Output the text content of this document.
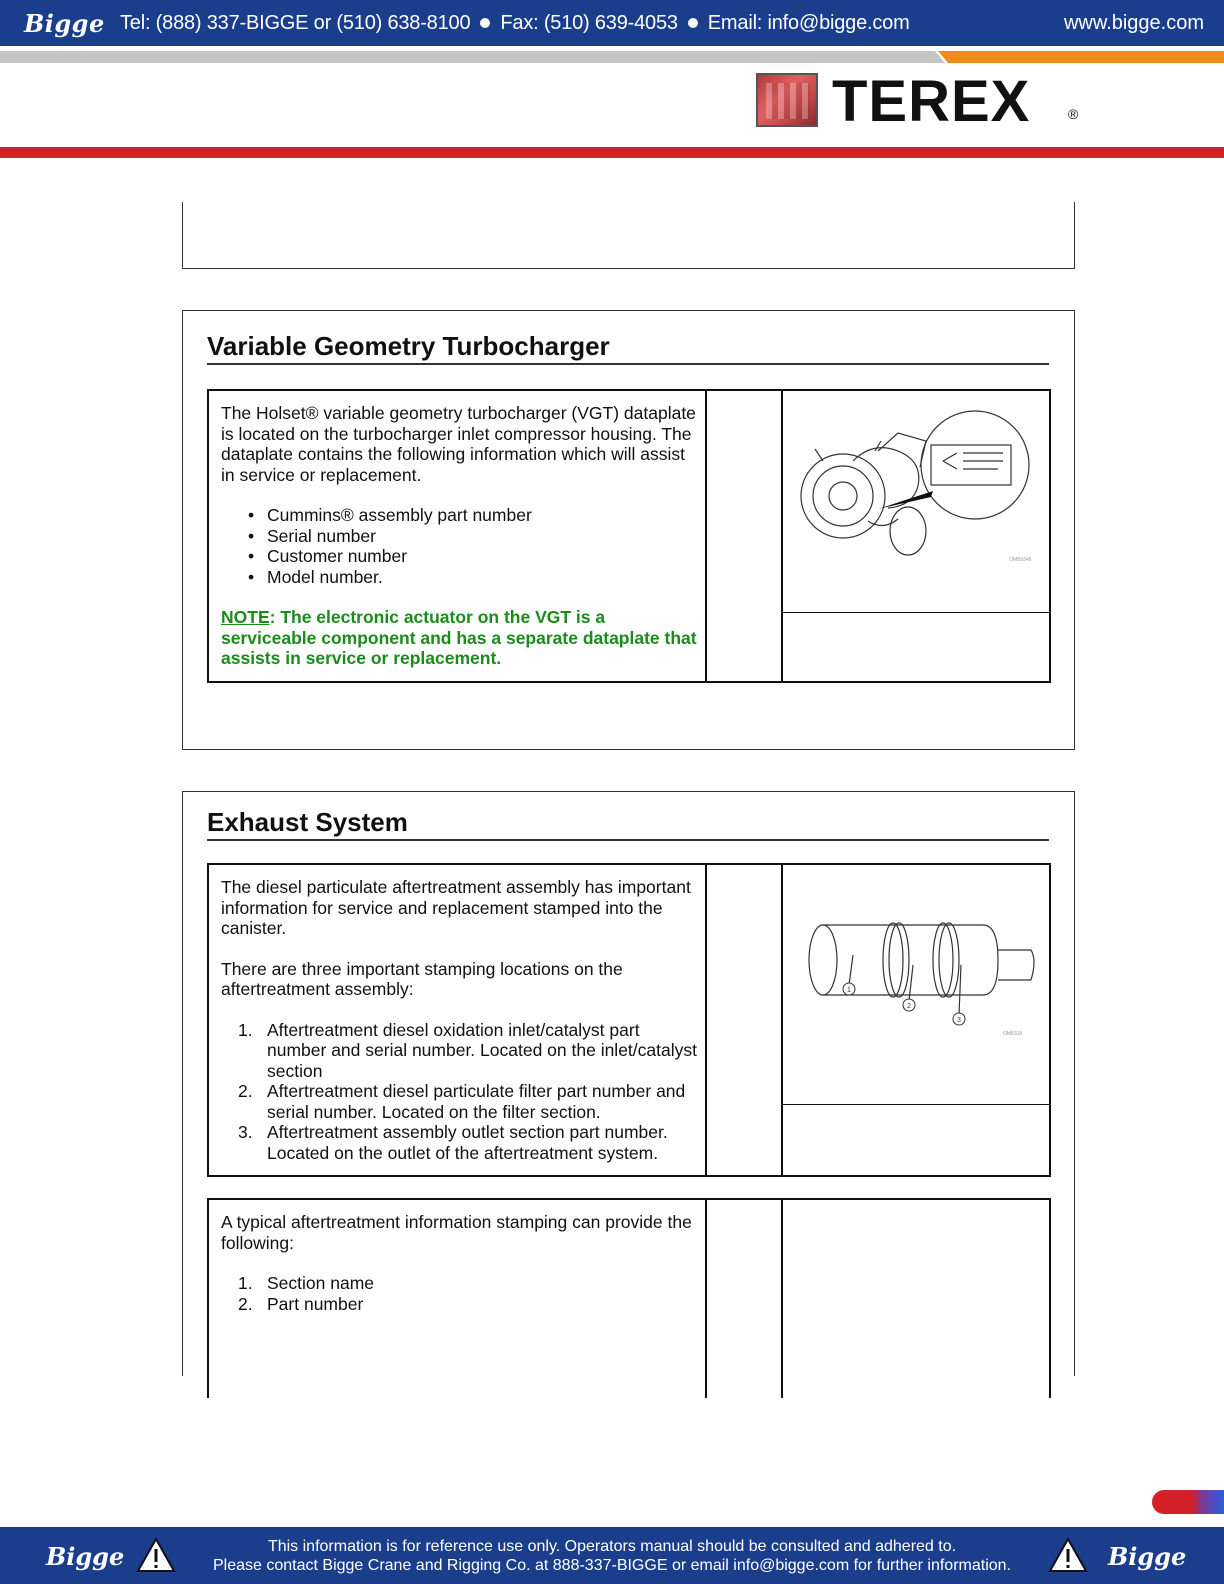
Bigge Tel: (888) 337-BIGGE or (510) 638-8100 Fax: (510) 639-4053 Email: info@bigge.com	www.bigge.com
TEREX	®
Variable Geometry Turbocharger

The Holset® variable geometry turbocharger (VGT) dataplate is located on the turbocharger inlet compressor housing. The dataplate contains the following information which will assist in service or replacement.

• Cummins® assembly part number
• Serial number
• Customer number
• Model number.

NOTE: The electronic actuator on the VGT is a serviceable component and has a separate dataplate that assists in service or replacement.

OMB9346
Exhaust System

The diesel particulate aftertreatment assembly has important information for service and replacement stamped into the canister.

There are three important stamping locations on the aftertreatment assembly:

1. Aftertreatment diesel oxidation inlet/catalyst part number and serial number. Located on the inlet/catalyst section
2. Aftertreatment diesel particulate filter part number and serial number. Located on the filter section.
3. Aftertreatment assembly outlet section part number. Located on the outlet of the aftertreatment system.
1
2
3
OM8318

A typical aftertreatment information stamping can provide the following:

1. Section name
2. Part number
Bigge	This information is for reference use only. Operators manual should be consulted and adhered to.
Please contact Bigge Crane and Rigging Co. at 888-337-BIGGE or email info@bigge.com for further information.	Bigge
